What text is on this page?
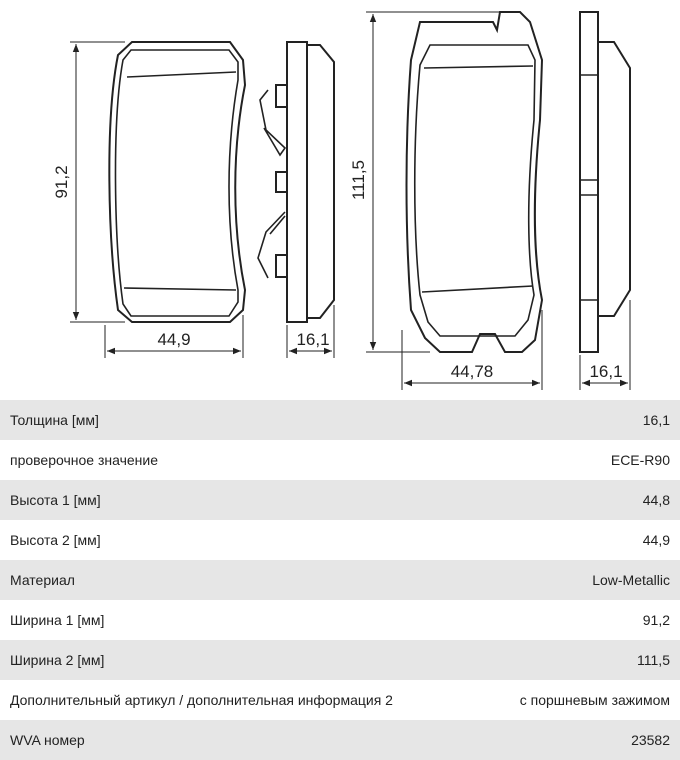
91,2
44,9	16,1
111,5
44,78	16,1
Толщина [мм]	16,1
проверочное значение	ECE-R90
Высота 1 [мм]	44,8
Высота 2 [мм]	44,9
Материал	Low-Metallic
Ширина 1 [мм]	91,2
Ширина 2 [мм]	111,5
Дополнительный артикул / дополнительная информация 2	с поршневым зажимом
WVA номер	23582
